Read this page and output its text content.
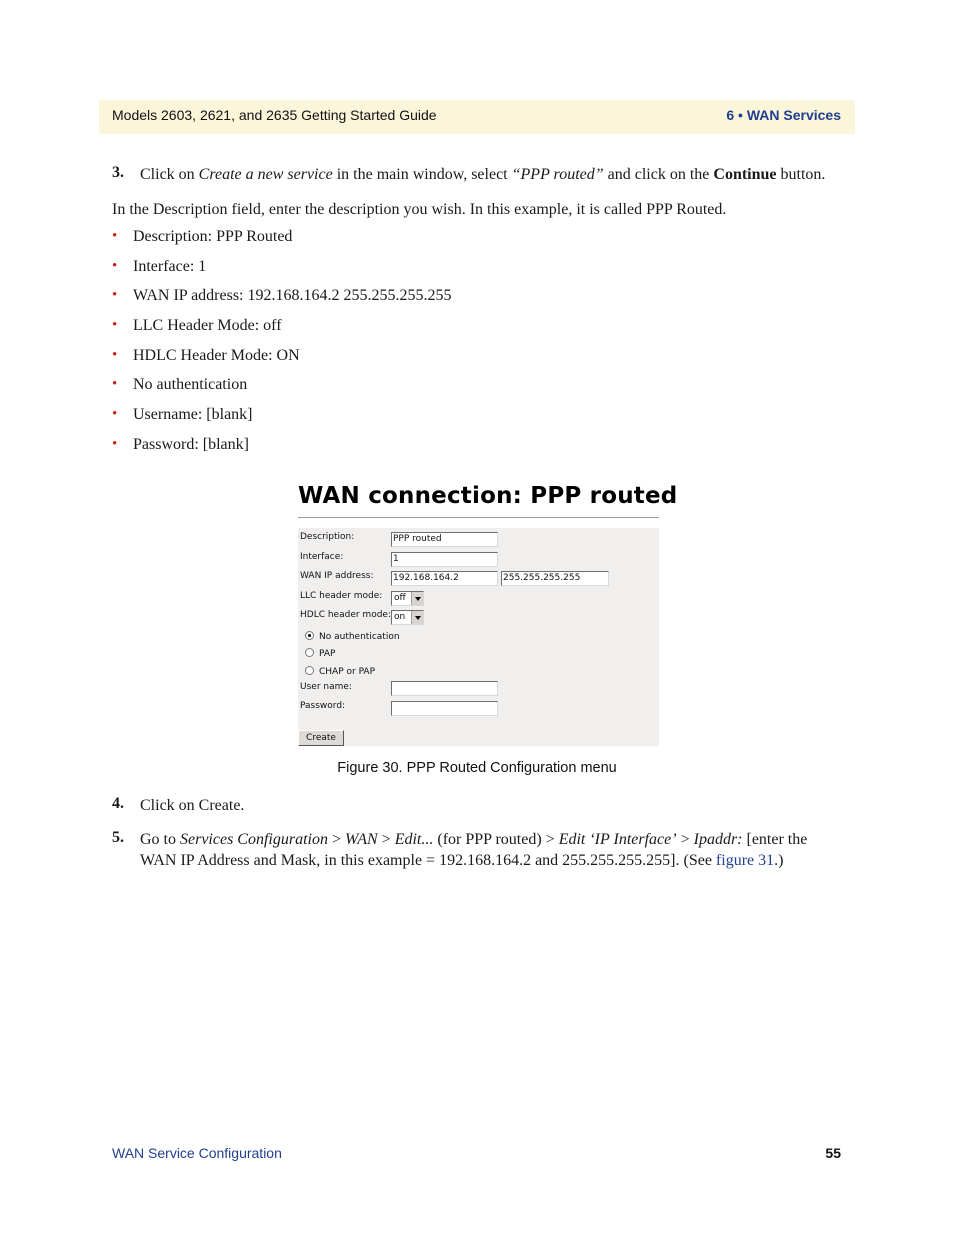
Models 2603, 2621, and 2635 Getting Started Guide	6 • WAN Services
3. Click on Create a new service in the main window, select “PPP routed” and click on the Continue button.
In the Description field, enter the description you wish. In this example, it is called PPP Routed.
• Description: PPP Routed
• Interface: 1
• WAN IP address: 192.168.164.2 255.255.255.255
• LLC Header Mode: off
• HDLC Header Mode: ON
• No authentication
• Username: [blank]
• Password: [blank]
WAN connection: PPP routed
Description:	PPP routed
Interface:	1
WAN IP address: 192.168.164.2	255.255.255.255
LLC header mode: off
HDLC header mode: on
No authentication
PAP
CHAP or PAP
User name:
Password:
Create
Figure 30. PPP Routed Configuration menu
4. Click on Create.
5. Go to Services Configuration > WAN > Edit... (for PPP routed) > Edit ‘IP Interface’ > Ipaddr: [enter the
WAN IP Address and Mask, in this example = 192.168.164.2 and 255.255.255.255]. (See figure 31.)
WAN Service Configuration	55
